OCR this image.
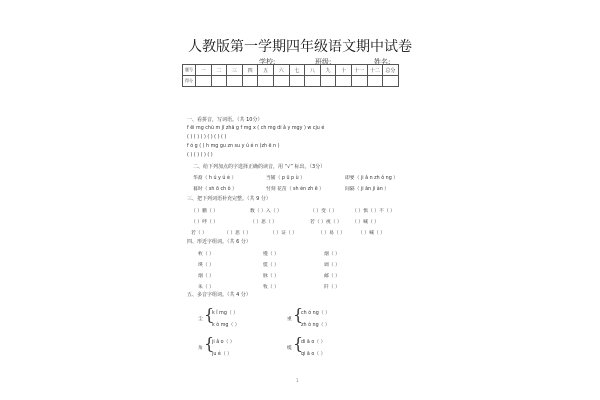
人教版第一学期四年级语文期中试卷
学校:	班级:	姓名:
题号	一	二	三	四	五	六	七	八	九	十	十一	十二	总分
得分													
一、看拼音，写词语。（共 10分）
f ēi mg chù m jī zhā g f mg x ( ch mg di ǎ y mgy ) w cju é
( ) ( ) ( ) ( ) ( ) ( )
f ó g ( ) h mg gu zn su y ú é n (zh ē n )
( ) ( ) ( ) ( )
二、给下列加点的字选择正确的读音，用 “√” 标出。（3分）
华裔（ h ú y ú é ）	当铺（ p ū p ù ）	即要（ ji ǎ n zh ǒ ng ）
暮时（ sh ō ch ǒ ）	忖刻 花苗（ sh én zh ē ）	间隔（ ji ān ji àn ）
三、把下列词语补充完整。（共 9 分）
（ ）鹏（ ）	数（ ）入（ ）	（ ）变（ ）	（ ）惧（ ）不（ ）
（ ）呼（ ）	（ ）思（ ）	若（ ）视（ ） （ ）喊（ ）
若（ ）	（ ）思（ ）	（ ）证（ ）	（ ）易（ ）	（ ）喊（ ）
四、形近字组词。（共 6 分）
枚（ ）	慢（ ）	烟（ ）
瑛（ ）	慌（ ）	调（ ）
烟（ ）	脉（ ）	邮（ ）
朱（ ）	牧（ ）	阡（ ）
五、多音字组词。（共 4 分）
尘 {
k ǐ mg（ ）
k ò mg（ ）
重 {
ch ó ng（ ）
zh ò ng（ ）
角 {
ji ǎ o（ ）
ju é（ ）
缆 {
di ā o（ ）
qi ā o（ ）
1
